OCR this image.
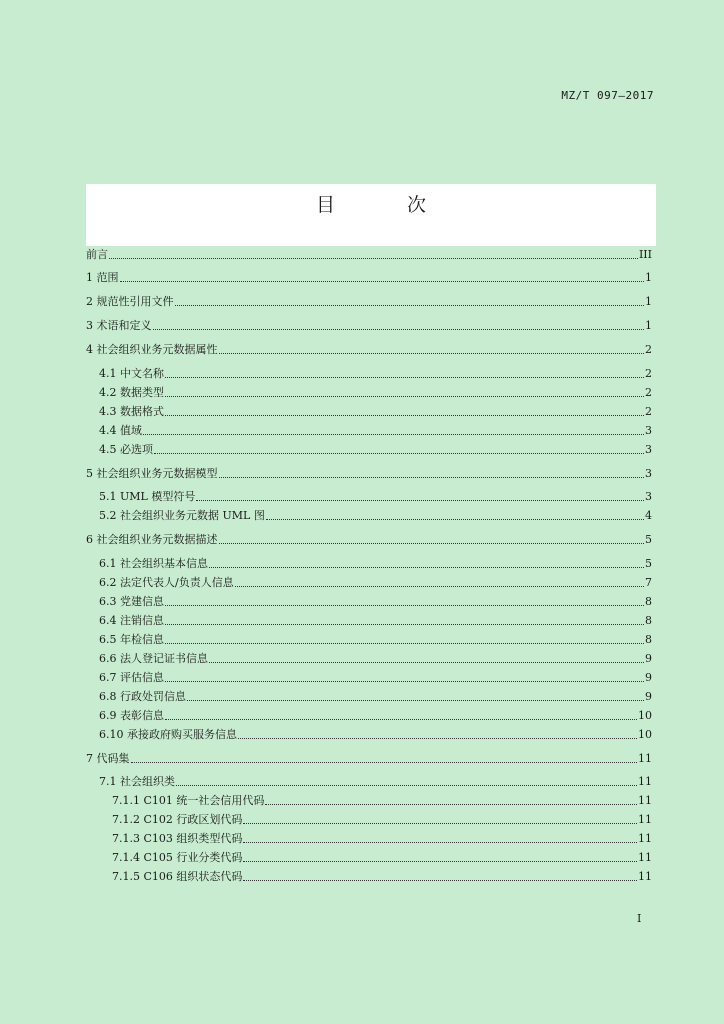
MZ/T 097—2017
目 次
前言	III
1 范围	1
2 规范性引用文件	1
3 术语和定义	1
4 社会组织业务元数据属性	2
4.1 中文名称	2
4.2 数据类型	2
4.3 数据格式	2
4.4 值域	3
4.5 必选项	3
5 社会组织业务元数据模型	3
5.1 UML 模型符号	3
5.2 社会组织业务元数据 UML 图	4
6 社会组织业务元数据描述	5
6.1 社会组织基本信息	5
6.2 法定代表人/负责人信息	7
6.3 党建信息	8
6.4 注销信息	8
6.5 年检信息	8
6.6 法人登记证书信息	9
6.7 评估信息	9
6.8 行政处罚信息	9
6.9 表彰信息	10
6.10 承接政府购买服务信息	10
7 代码集	11
7.1 社会组织类	11
7.1.1 C101 统一社会信用代码	11
7.1.2 C102 行政区划代码	11
7.1.3 C103 组织类型代码	11
7.1.4 C105 行业分类代码	11
7.1.5 C106 组织状态代码	11
I
